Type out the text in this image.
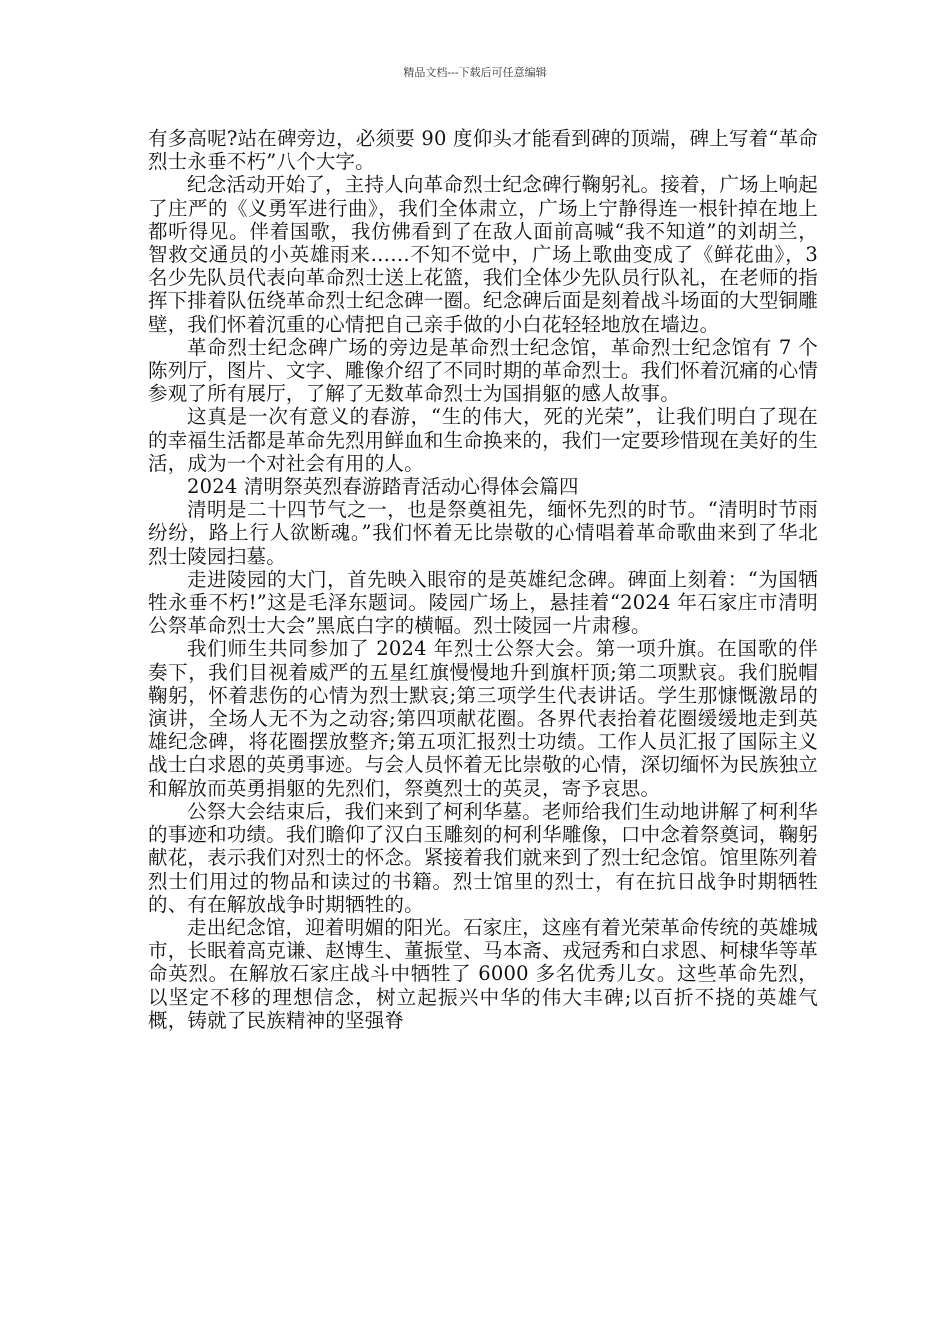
精品文档---下载后可任意编辑

有多高呢?站在碑旁边，必须要 90 度仰头才能看到碑的顶端，碑上写着“革命烈士永垂不朽”八个大字。

纪念活动开始了，主持人向革命烈士纪念碑行鞠躬礼。接着，广场上响起了庄严的《义勇军进行曲》，我们全体肃立，广场上宁静得连一根针掉在地上都听得见。伴着国歌，我仿佛看到了在敌人面前高喊“我不知道”的刘胡兰，智救交通员的小英雄雨来……不知不觉中，广场上歌曲变成了《鲜花曲》，3 名少先队员代表向革命烈士送上花篮，我们全体少先队员行队礼，在老师的指挥下排着队伍绕革命烈士纪念碑一圈。纪念碑后面是刻着战斗场面的大型铜雕壁，我们怀着沉重的心情把自己亲手做的小白花轻轻地放在墙边。

革命烈士纪念碑广场的旁边是革命烈士纪念馆，革命烈士纪念馆有 7 个陈列厅，图片、文字、雕像介绍了不同时期的革命烈士。我们怀着沉痛的心情参观了所有展厅，了解了无数革命烈士为国捐躯的感人故事。

这真是一次有意义的春游，“生的伟大，死的光荣”，让我们明白了现在的幸福生活都是革命先烈用鲜血和生命换来的，我们一定要珍惜现在美好的生活，成为一个对社会有用的人。

2024 清明祭英烈春游踏青活动心得体会篇四

清明是二十四节气之一，也是祭奠祖先，缅怀先烈的时节。“清明时节雨纷纷，路上行人欲断魂。”我们怀着无比崇敬的心情唱着革命歌曲来到了华北烈士陵园扫墓。

走进陵园的大门，首先映入眼帘的是英雄纪念碑。碑面上刻着：“为国牺牲永垂不朽!”这是毛泽东题词。陵园广场上，悬挂着“2024 年石家庄市清明公祭革命烈士大会”黑底白字的横幅。烈士陵园一片肃穆。

我们师生共同参加了 2024 年烈士公祭大会。第一项升旗。在国歌的伴奏下，我们目视着威严的五星红旗慢慢地升到旗杆顶;第二项默哀。我们脱帽鞠躬，怀着悲伤的心情为烈士默哀;第三项学生代表讲话。学生那慷慨激昂的演讲，全场人无不为之动容;第四项献花圈。各界代表抬着花圈缓缓地走到英雄纪念碑，将花圈摆放整齐;第五项汇报烈士功绩。工作人员汇报了国际主义战士白求恩的英勇事迹。与会人员怀着无比崇敬的心情，深切缅怀为民族独立和解放而英勇捐躯的先烈们，祭奠烈士的英灵，寄予哀思。

公祭大会结束后，我们来到了柯利华墓。老师给我们生动地讲解了柯利华的事迹和功绩。我们瞻仰了汉白玉雕刻的柯利华雕像，口中念着祭奠词，鞠躬献花，表示我们对烈士的怀念。紧接着我们就来到了烈士纪念馆。馆里陈列着烈士们用过的物品和读过的书籍。烈士馆里的烈士，有在抗日战争时期牺牲的、有在解放战争时期牺牲的。

走出纪念馆，迎着明媚的阳光。石家庄，这座有着光荣革命传统的英雄城市，长眠着高克谦、赵博生、董振堂、马本斋、戎冠秀和白求恩、柯棣华等革命英烈。在解放石家庄战斗中牺牲了 6000 多名优秀儿女。这些革命先烈，以坚定不移的理想信念，树立起振兴中华的伟大丰碑;以百折不挠的英雄气概，铸就了民族精神的坚强脊
